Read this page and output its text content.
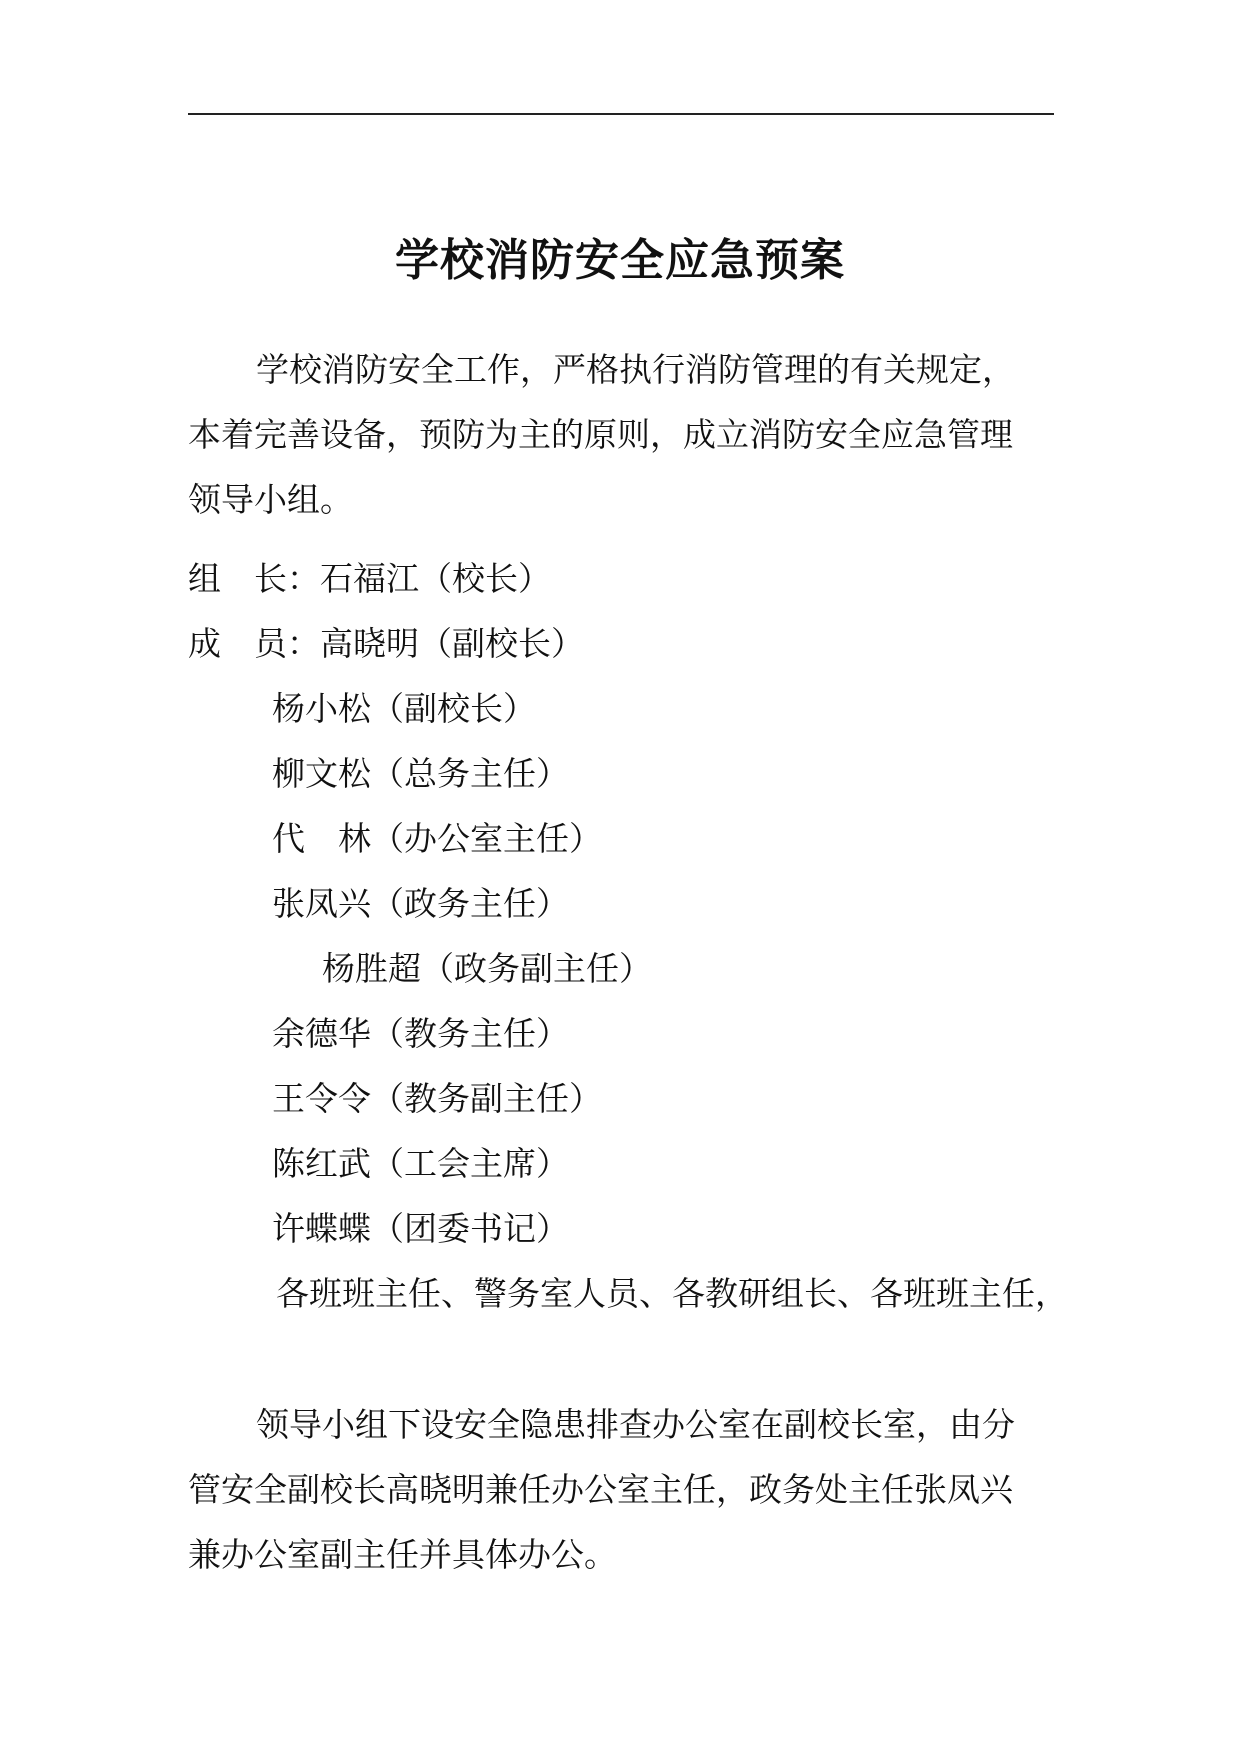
学校消防安全应急预案
学校消防安全工作，严格执行消防管理的有关规定，
本着完善设备，预防为主的原则，成立消防安全应急管理
领导小组。
组　长：石福江（校长）
成　员：高晓明（副校长）
杨小松（副校长）
柳文松（总务主任）
代　林（办公室主任）
张凤兴（政务主任）
杨胜超（政务副主任）
余德华（教务主任）
王令令（教务副主任）
陈红武（工会主席）
许蝶蝶（团委书记）
各班班主任、警务室人员、各教研组长、各班班主任，
领导小组下设安全隐患排查办公室在副校长室，由分
管安全副校长高晓明兼任办公室主任，政务处主任张凤兴
兼办公室副主任并具体办公。
